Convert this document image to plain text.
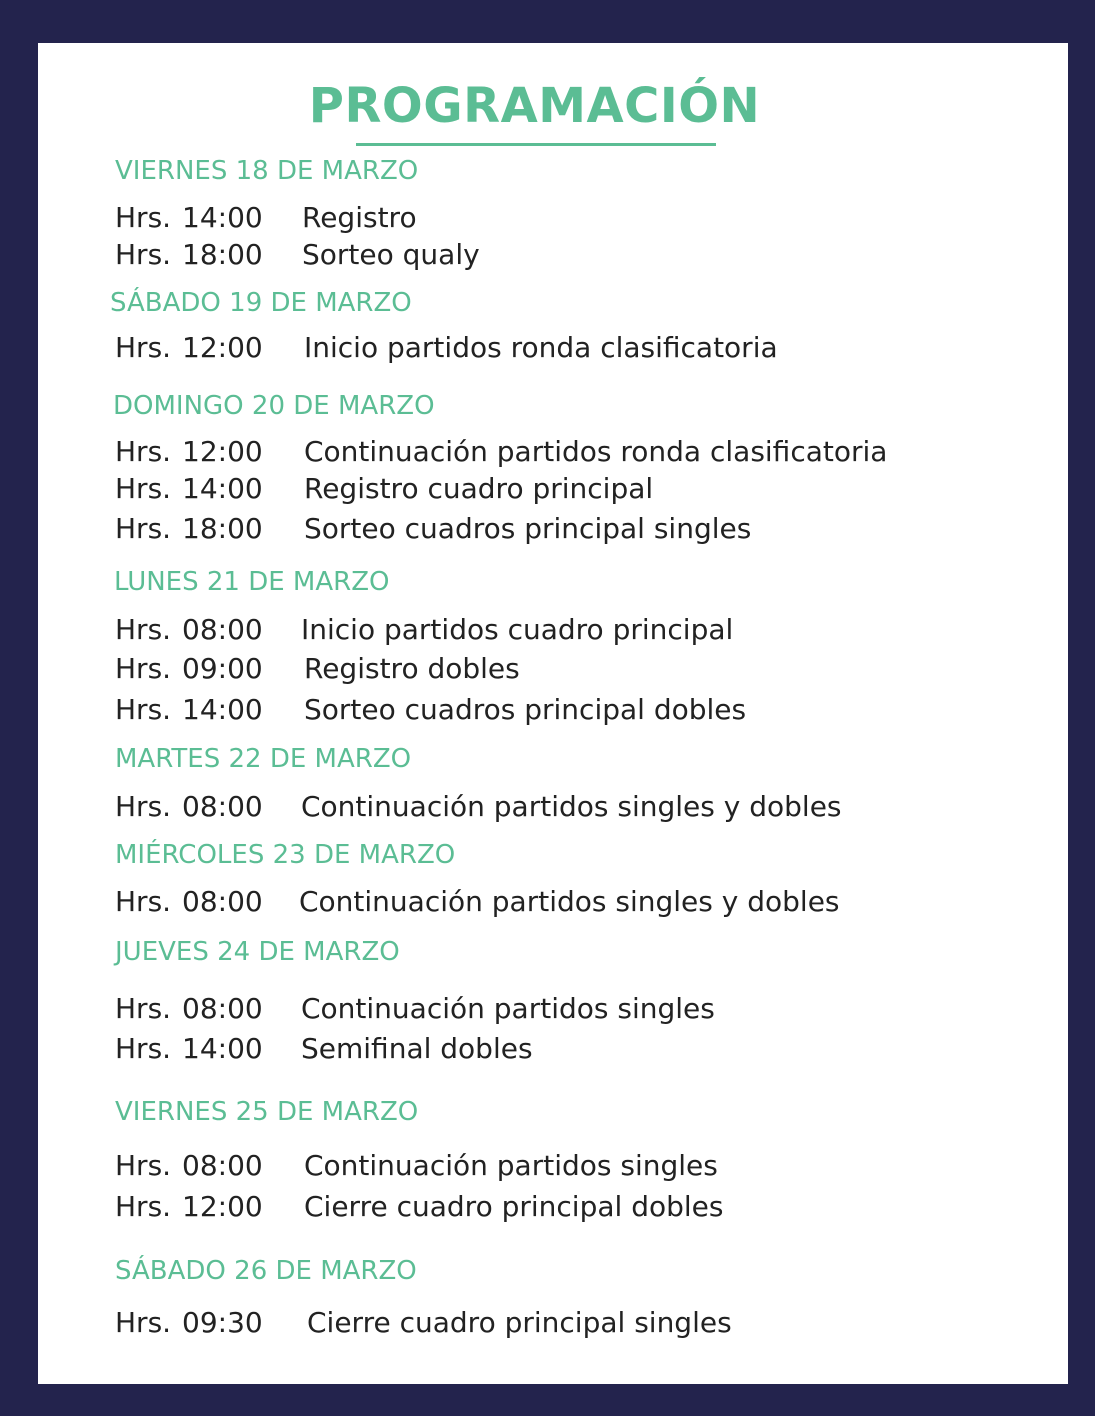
PROGRAMACIÓN
VIERNES 18 DE MARZO
Hrs. 14:00 Registro
Hrs. 18:00 Sorteo qualy
SÁBADO 19 DE MARZO
Hrs. 12:00 Inicio partidos ronda clasificatoria
DOMINGO 20 DE MARZO
Hrs. 12:00 Continuación partidos ronda clasificatoria
Hrs. 14:00 Registro cuadro principal
Hrs. 18:00 Sorteo cuadros principal singles
LUNES 21 DE MARZO
Hrs. 08:00 Inicio partidos cuadro principal
Hrs. 09:00 Registro dobles
Hrs. 14:00 Sorteo cuadros principal dobles
MARTES 22 DE MARZO
Hrs. 08:00 Continuación partidos singles y dobles
MIÉRCOLES 23 DE MARZO
Hrs. 08:00 Continuación partidos singles y dobles
JUEVES 24 DE MARZO
Hrs. 08:00 Continuación partidos singles
Hrs. 14:00 Semifinal dobles
VIERNES 25 DE MARZO
Hrs. 08:00 Continuación partidos singles
Hrs. 12:00 Cierre cuadro principal dobles
SÁBADO 26 DE MARZO
Hrs. 09:30 Cierre cuadro principal singles
